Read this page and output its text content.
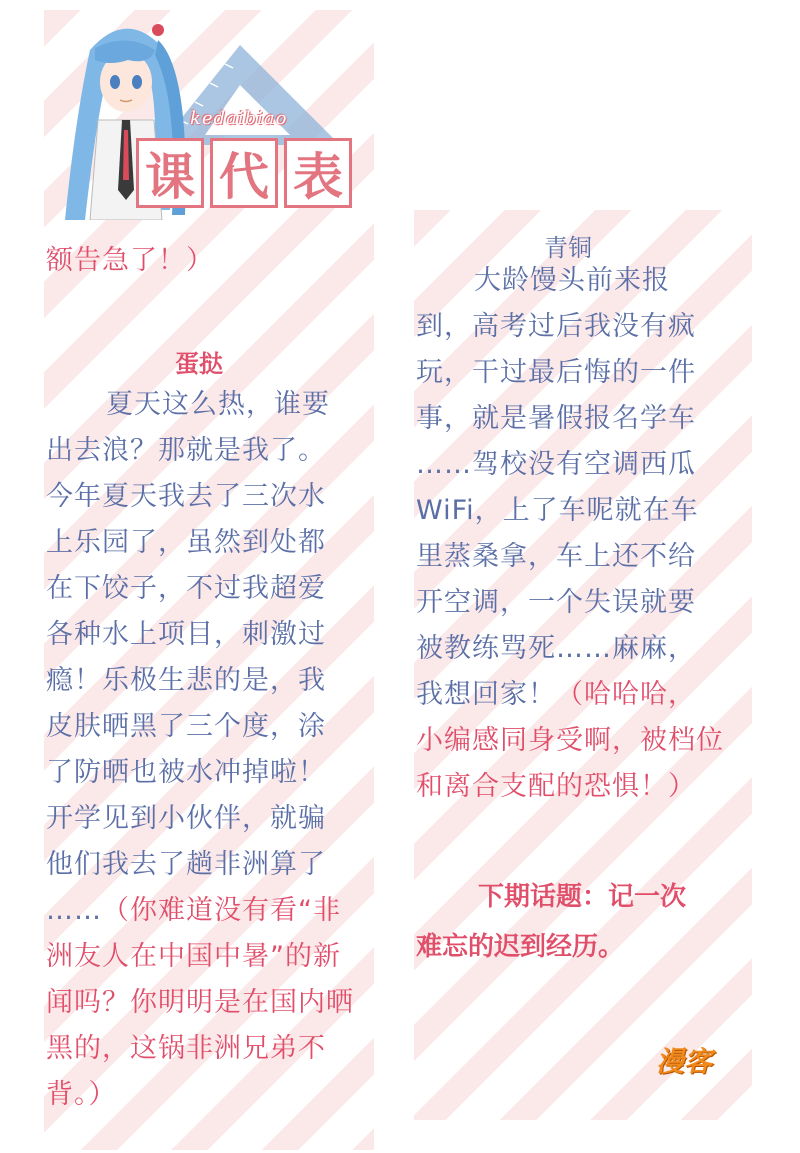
kedaibiao
课 代 表
额告急了！）
蛋挞
夏天这么热，谁要
出去浪？那就是我了。
今年夏天我去了三次水
上乐园了，虽然到处都
在下饺子，不过我超爱
各种水上项目，刺激过
瘾！乐极生悲的是，我
皮肤晒黑了三个度，涂
了防晒也被水冲掉啦！
开学见到小伙伴，就骗
他们我去了趟非洲算了
……（你难道没有看“非
洲友人在中国中暑”的新
闻吗？你明明是在国内晒
黑的，这锅非洲兄弟不
背。）
青铜
大龄馒头前来报
到，高考过后我没有疯
玩，干过最后悔的一件
事，就是暑假报名学车
……驾校没有空调西瓜
WiFi，上了车呢就在车
里蒸桑拿，车上还不给
开空调，一个失误就要
被教练骂死……麻麻，
我想回家！（哈哈哈，
小编感同身受啊，被档位
和离合支配的恐惧！）
下期话题：记一次
难忘的迟到经历。
漫客
